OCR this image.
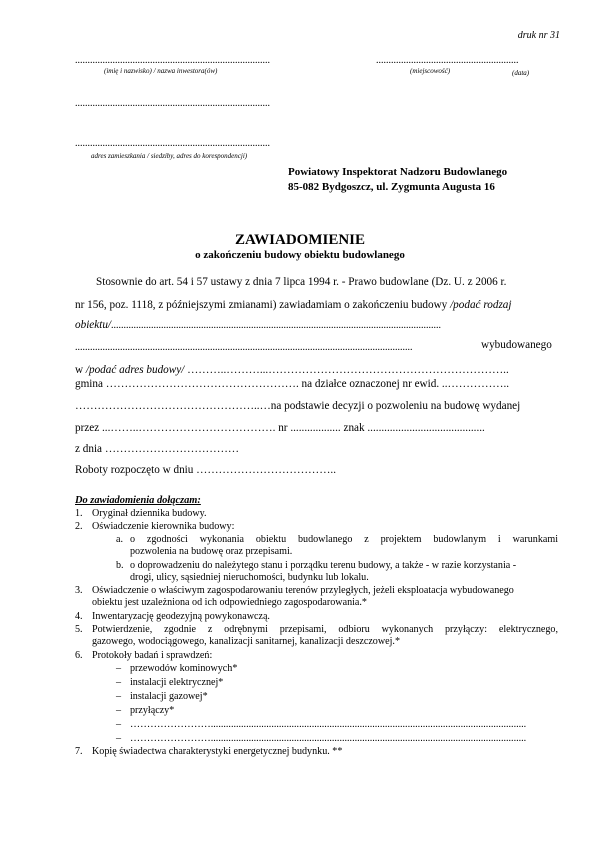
druk nr 31
..............................................................................
(imię i nazwisko) / nazwa inwestora(ów)
.........................................................
(miejscowość)	(data)
..............................................................................
..............................................................................
adres zamieszkania / siedziby, adres do korespondencji)
Powiatowy Inspektorat Nadzoru Budowlanego
85-082 Bydgoszcz, ul. Zygmunta Augusta 16
ZAWIADOMIENIE
o zakończeniu budowy obiektu budowlanego
Stosownie do art. 54 i 57 ustawy z dnia 7 lipca 1994 r. - Prawo budowlane (Dz. U. z 2006 r.
nr 156, poz. 1118, z późniejszymi zmianami) zawiadamiam o zakończeniu budowy /podać rodzaj
obiektu/....................................................................................................................................
.......................................................................................................................................	wybudowanego
w /podać adres budowy/ ………..………...………………………………………………………..
gmina ……………………………………………. na działce oznaczonej nr ewid. ..……………..
…………………………………………..…na podstawie decyzji o pozwoleniu na budowę wydanej
przez ...……..………………………………. nr .................. znak ..........................................
z dnia ………………………………
Roboty rozpoczęto w dniu ………………………………..
Do zawiadomienia dołączam:
1. Oryginał dziennika budowy.
2. Oświadczenie kierownika budowy:
a. o zgodności wykonania obiektu budowlanego z projektem budowlanym i warunkami
pozwolenia na budowę oraz przepisami.
b. o doprowadzeniu do należytego stanu i porządku terenu budowy, a także - w razie korzystania -
drogi, ulicy, sąsiedniej nieruchomości, budynku lub lokalu.
3. Oświadczenie o właściwym zagospodarowaniu terenów przyległych, jeżeli eksploatacja wybudowanego
obiektu jest uzależniona od ich odpowiedniego zagospodarowania.*
4. Inwentaryzację geodezyjną powykonawczą.
5. Potwierdzenie, zgodnie z odrębnymi przepisami, odbioru wykonanych przyłączy: elektrycznego,
gazowego, wodociągowego, kanalizacji sanitarnej, kanalizacji deszczowej.*
6. Protokoły badań i sprawdzeń:
– przewodów kominowych*
– instalacji elektrycznej*
– instalacji gazowej*
– przyłączy*
– …………………….............................................................................................................................
– …………………….............................................................................................................................
7. Kopię świadectwa charakterystyki energetycznej budynku. **
